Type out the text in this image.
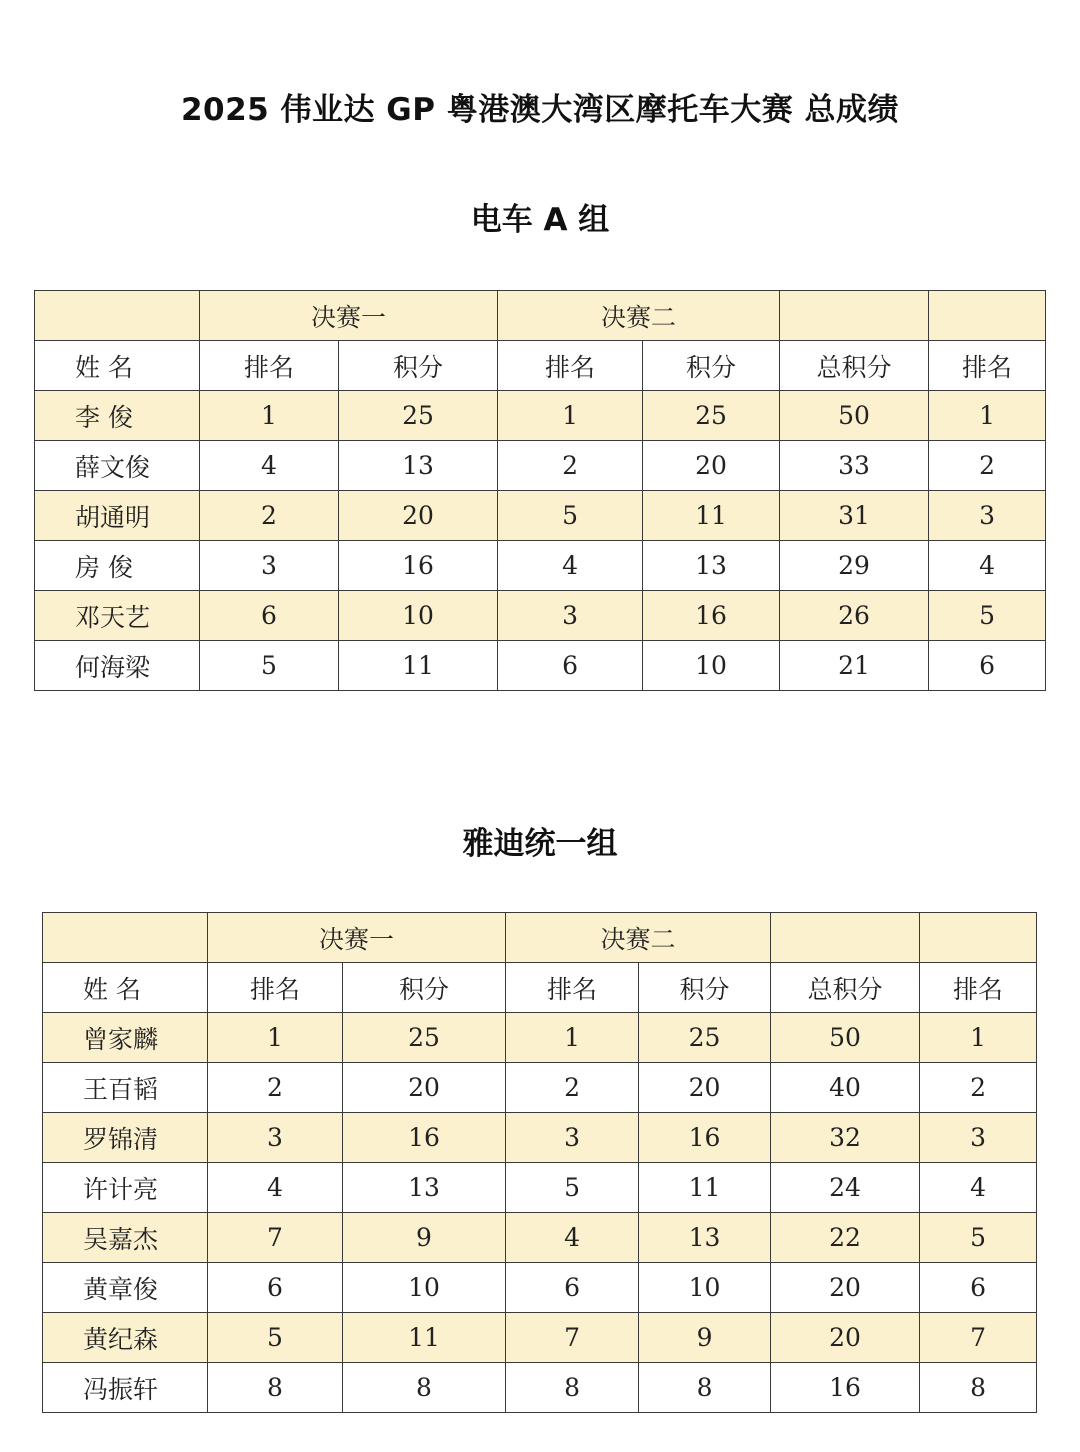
2025 伟业达 GP 粤港澳大湾区摩托车大赛 总成绩
电车 A 组
	决赛一		决赛二			
姓 名	排名	积分	排名	积分	总积分	排名
李 俊	1	25	1	25	50	1
薛文俊	4	13	2	20	33	2
胡通明	2	20	5	11	31	3
房 俊	3	16	4	13	29	4
邓天艺	6	10	3	16	26	5
何海梁	5	11	6	10	21	6
雅迪统一组
	决赛一		决赛二			
姓 名	排名	积分	排名	积分	总积分	排名
曾家麟	1	25	1	25	50	1
王百韬	2	20	2	20	40	2
罗锦清	3	16	3	16	32	3
许计亮	4	13	5	11	24	4
吴嘉杰	7	9	4	13	22	5
黄章俊	6	10	6	10	20	6
黄纪森	5	11	7	9	20	7
冯振轩	8	8	8	8	16	8
